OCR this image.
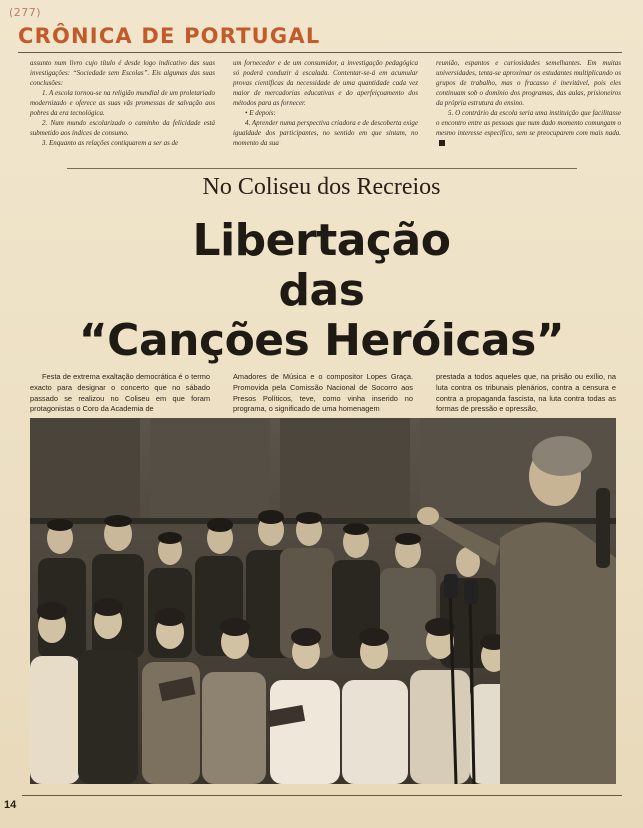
(277)
CRÔNICA DE PORTUGAL

assunto num livro cujo título é desde logo indicativo das suas investigações: “Sociedade sem Escolas”. Eis algumas das suas conclusões:

1. A escola tornou-se na religião mundial de um proletariado modernizado e oferece as suas vãs promessas de salvação aos pobres da era tecnológica.

2. Num mundo escolarizado o caminho da felicidade está submetido aos índices de consumo.

3. Enquanto as relações contiquarem a ser as de

um fornecedor e de um consumidor, a investigação pedagógica só poderá conduzir à escalada. Contentar-se-á em acumular provas científicas da necessidade de uma quantidade cada vez maior de mercadorias educativas e do aperfeiçoamento dos métodos para as fornecer.

• E depois:

4. Aprender numa perspectiva criadora e de descoberta exige igualdade dos participantes, no sentido em que sintam, no momento da sua

reunião, espantos e curiosidades semelhantes. Em muitas universidades, tenta-se aproximar os estudantes multiplicando os grupos de trabalho, mas o fracasso é inevitável, pois eles continuam sob o domínio dos programas, das aulas, prisioneiros da própria estrutura do ensino.

5. O contrário da escola seria uma instituição que facilitasse o encontro entre as pessoas que num dado momento comungam o mesmo interesse específico, sem se preocuparem com mais nada.

No Coliseu dos Recreios
Libertação
das
“Canções Heróicas”

Festa de extrema exaltação democrática é o termo exacto para designar o concerto que no sábado passado se realizou no Coliseu em que foram protagonistas o Coro da Academia de

Amadores de Música e o compositor Lopes Graça. Promovida pela Comissão Nacional de Socorro aos Presos Políticos, teve, como vinha inserido no programa, o significado de uma homenagem

prestada a todos aqueles que, na prisão ou exílio, na luta contra os tribunais plenários, contra a censura e contra a propaganda fascista, na luta contra todas as formas de pressão e opressão,

14
